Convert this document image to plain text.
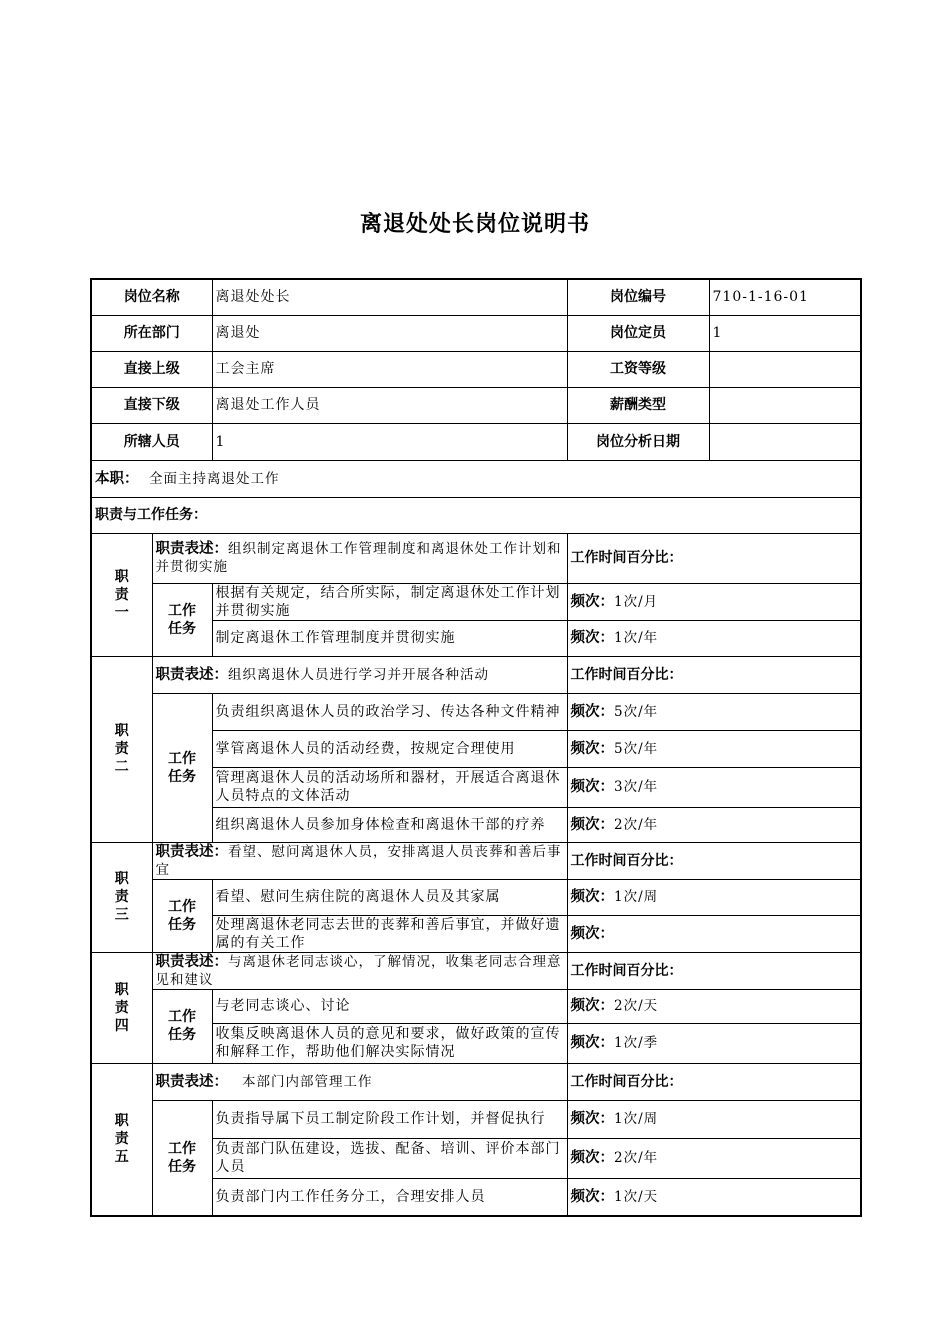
离退处处长岗位说明书
岗位名称		离退处处长	岗位编号	710-1-16-01
所在部门		离退处	岗位定员	1
直接上级		工会主席	工资等级	
直接下级		离退处工作人员	薪酬类型	
所辖人员		1	岗位分析日期	
本职： 全面主持离退处工作				
职责与工作任务：				

职
责
一	职责表述：组织制定离退休工作管理制度和离退休处工作计划和并贯彻实施		工作时间百分比：	

	工作
任务	根据有关规定，结合所实际，制定离退休处工作计划并贯彻实施	频次：1次/月	
		制定离退休工作管理制度并贯彻实施	频次：1次/年	

职
责
二	职责表述：组织离退休人员进行学习并开展各种活动		工作时间百分比：	

	工作
任务	负责组织离退休人员的政治学习、传达各种文件精神	频次：5次/年	
		掌管离退休人员的活动经费，按规定合理使用	频次：5次/年	
		管理离退休人员的活动场所和器材，开展适合离退休人员特点的文体活动	频次：3次/年	
		组织离退休人员参加身体检查和离退休干部的疗养	频次：2次/年	

职
责
三	职责表述：看望、慰问离退休人员，安排离退人员丧葬和善后事宜		工作时间百分比：	

	工作
任务	看望、慰问生病住院的离退休人员及其家属	频次：1次/周	
		处理离退休老同志去世的丧葬和善后事宜，并做好遗属的有关工作	频次：	

职
责
四	职责表述：与离退休老同志谈心，了解情况，收集老同志合理意见和建议		工作时间百分比：	

	工作
任务	与老同志谈心、讨论	频次：2次/天	
		收集反映离退休人员的意见和要求，做好政策的宣传和解释工作，帮助他们解决实际情况	频次：1次/季	

职
责
五	职责表述： 本部门内部管理工作		工作时间百分比：	

	工作
任务	负责指导属下员工制定阶段工作计划，并督促执行	频次：1次/周	
		负责部门队伍建设，选拔、配备、培训、评价本部门人员	频次：2次/年	
		负责部门内工作任务分工，合理安排人员	频次：1次/天	
